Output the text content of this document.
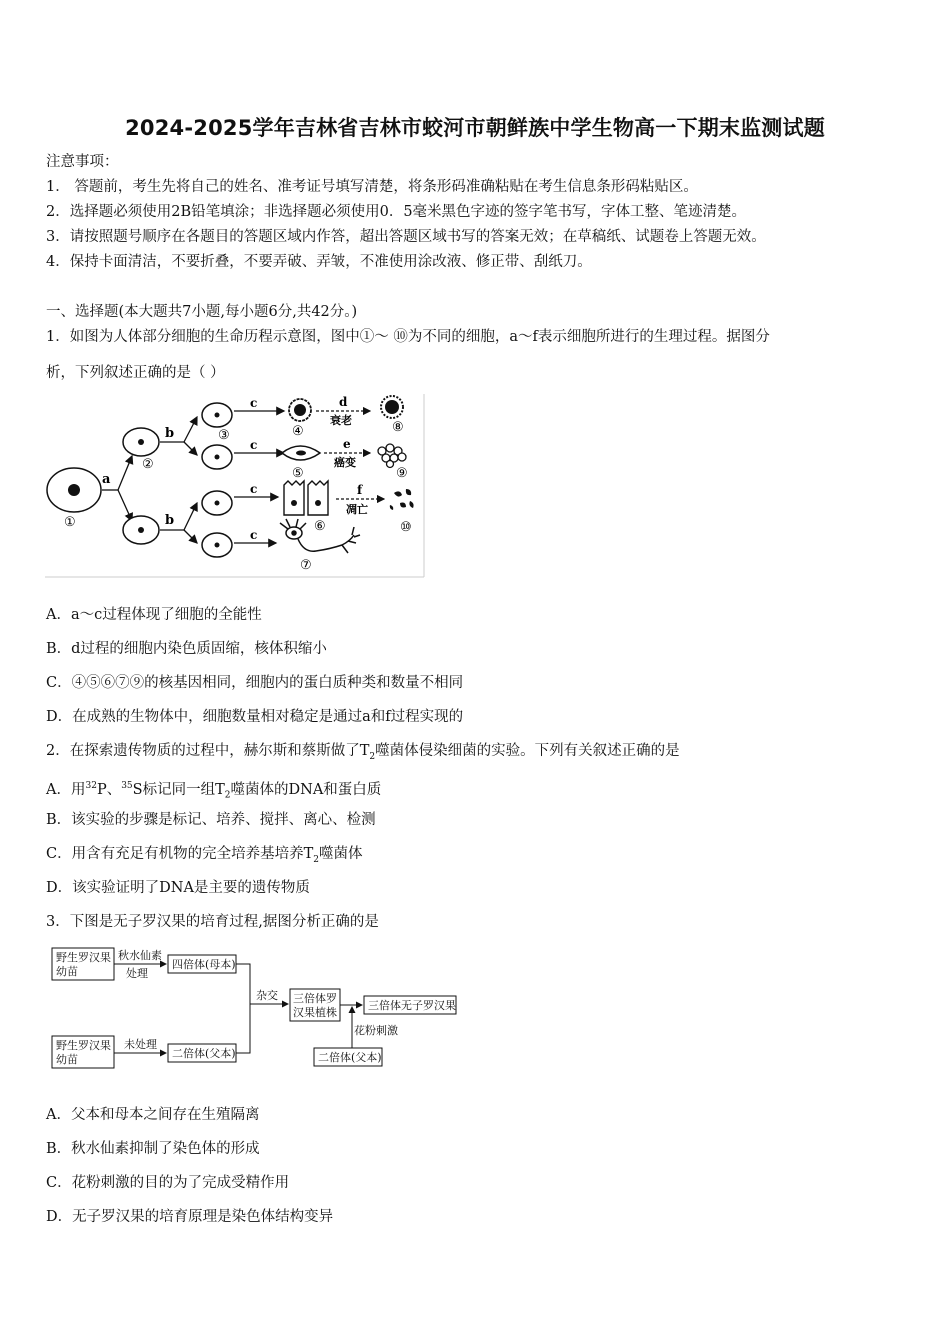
2024-2025学年吉林省吉林市蛟河市朝鲜族中学生物高一下期末监测试题
注意事项：
1． 答题前，考生先将自己的姓名、准考证号填写清楚，将条形码准确粘贴在考生信息条形码粘贴区。
2．选择题必须使用2B铅笔填涂；非选择题必须使用0．5毫米黑色字迹的签字笔书写，字体工整、笔迹清楚。
3．请按照题号顺序在各题目的答题区域内作答，超出答题区域书写的答案无效；在草稿纸、试题卷上答题无效。
4．保持卡面清洁，不要折叠，不要弄破、弄皱，不准使用涂改液、修正带、刮纸刀。
一、选择题(本大题共7小题,每小题6分,共42分。)
1．如图为人体部分细胞的生命历程示意图，图中①～ ⑩为不同的细胞，a～f表示细胞所进行的生理过程。据图分
析，下列叙述正确的是（ ）
①
a
②
b
b
③
c
④
d
衰老	⑧
c
⑤
e
癌变
⑨
c
⑥
f
凋亡
⑩
c
⑦
A．a～c过程体现了细胞的全能性
B．d过程的细胞内染色质固缩，核体积缩小
C．④⑤⑥⑦⑨的核基因相同，细胞内的蛋白质种类和数量不相同
D．在成熟的生物体中，细胞数量相对稳定是通过a和f过程实现的
2．在探索遗传物质的过程中，赫尔斯和蔡斯做了$T_2$噬菌体侵染细菌的实验。下列有关叙述正确的是
A．用$^{32}$P、$^{35}$S标记同一组$T_2$噬菌体的DNA和蛋白质
B．该实验的步骤是标记、培养、搅拌、离心、检测
C．用含有充足有机物的完全培养基培养$T_2$噬菌体
D．该实验证明了DNA是主要的遗传物质
3．下图是无子罗汉果的培育过程,据图分析正确的是
野生罗汉果
幼苗
秋水仙素
处理
四倍体(母本)
野生罗汉果
幼苗
未处理
二倍体(父本)
杂交 三倍体罗
汉果植株
三倍体无子罗汉果
花粉刺激
二倍体(父本)
A．父本和母本之间存在生殖隔离
B．秋水仙素抑制了染色体的形成
C．花粉刺激的目的为了完成受精作用
D．无子罗汉果的培育原理是染色体结构变异
